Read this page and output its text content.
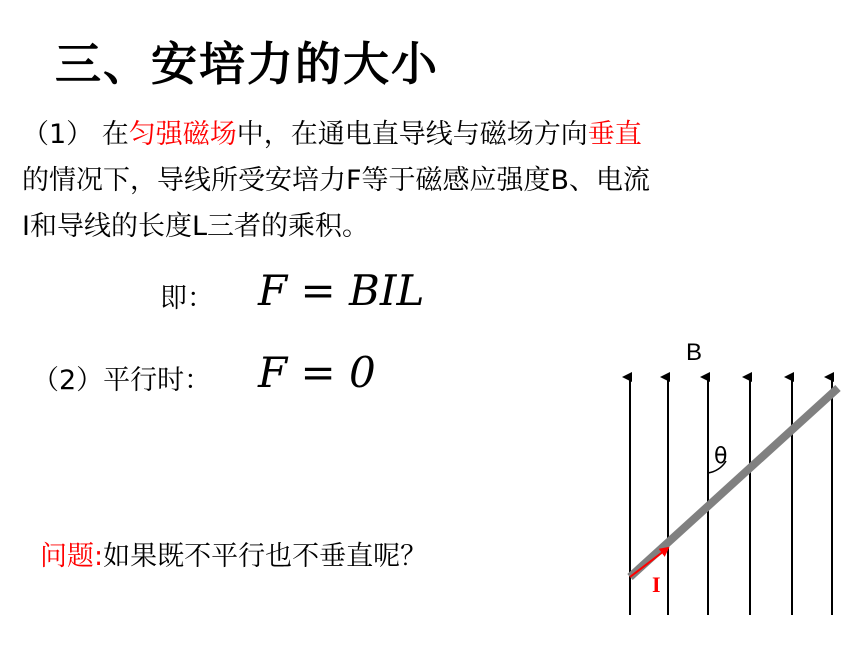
三、安培力的大小
（1） 在匀强磁场中，在通电直导线与磁场方向垂直
的情况下，导线所受安培力F等于磁感应强度B、电流
I和导线的长度L三者的乘积。
即： F = BIL
（2）平行时： F = 0
问题:如果既不平行也不垂直呢？
B
I
θ
